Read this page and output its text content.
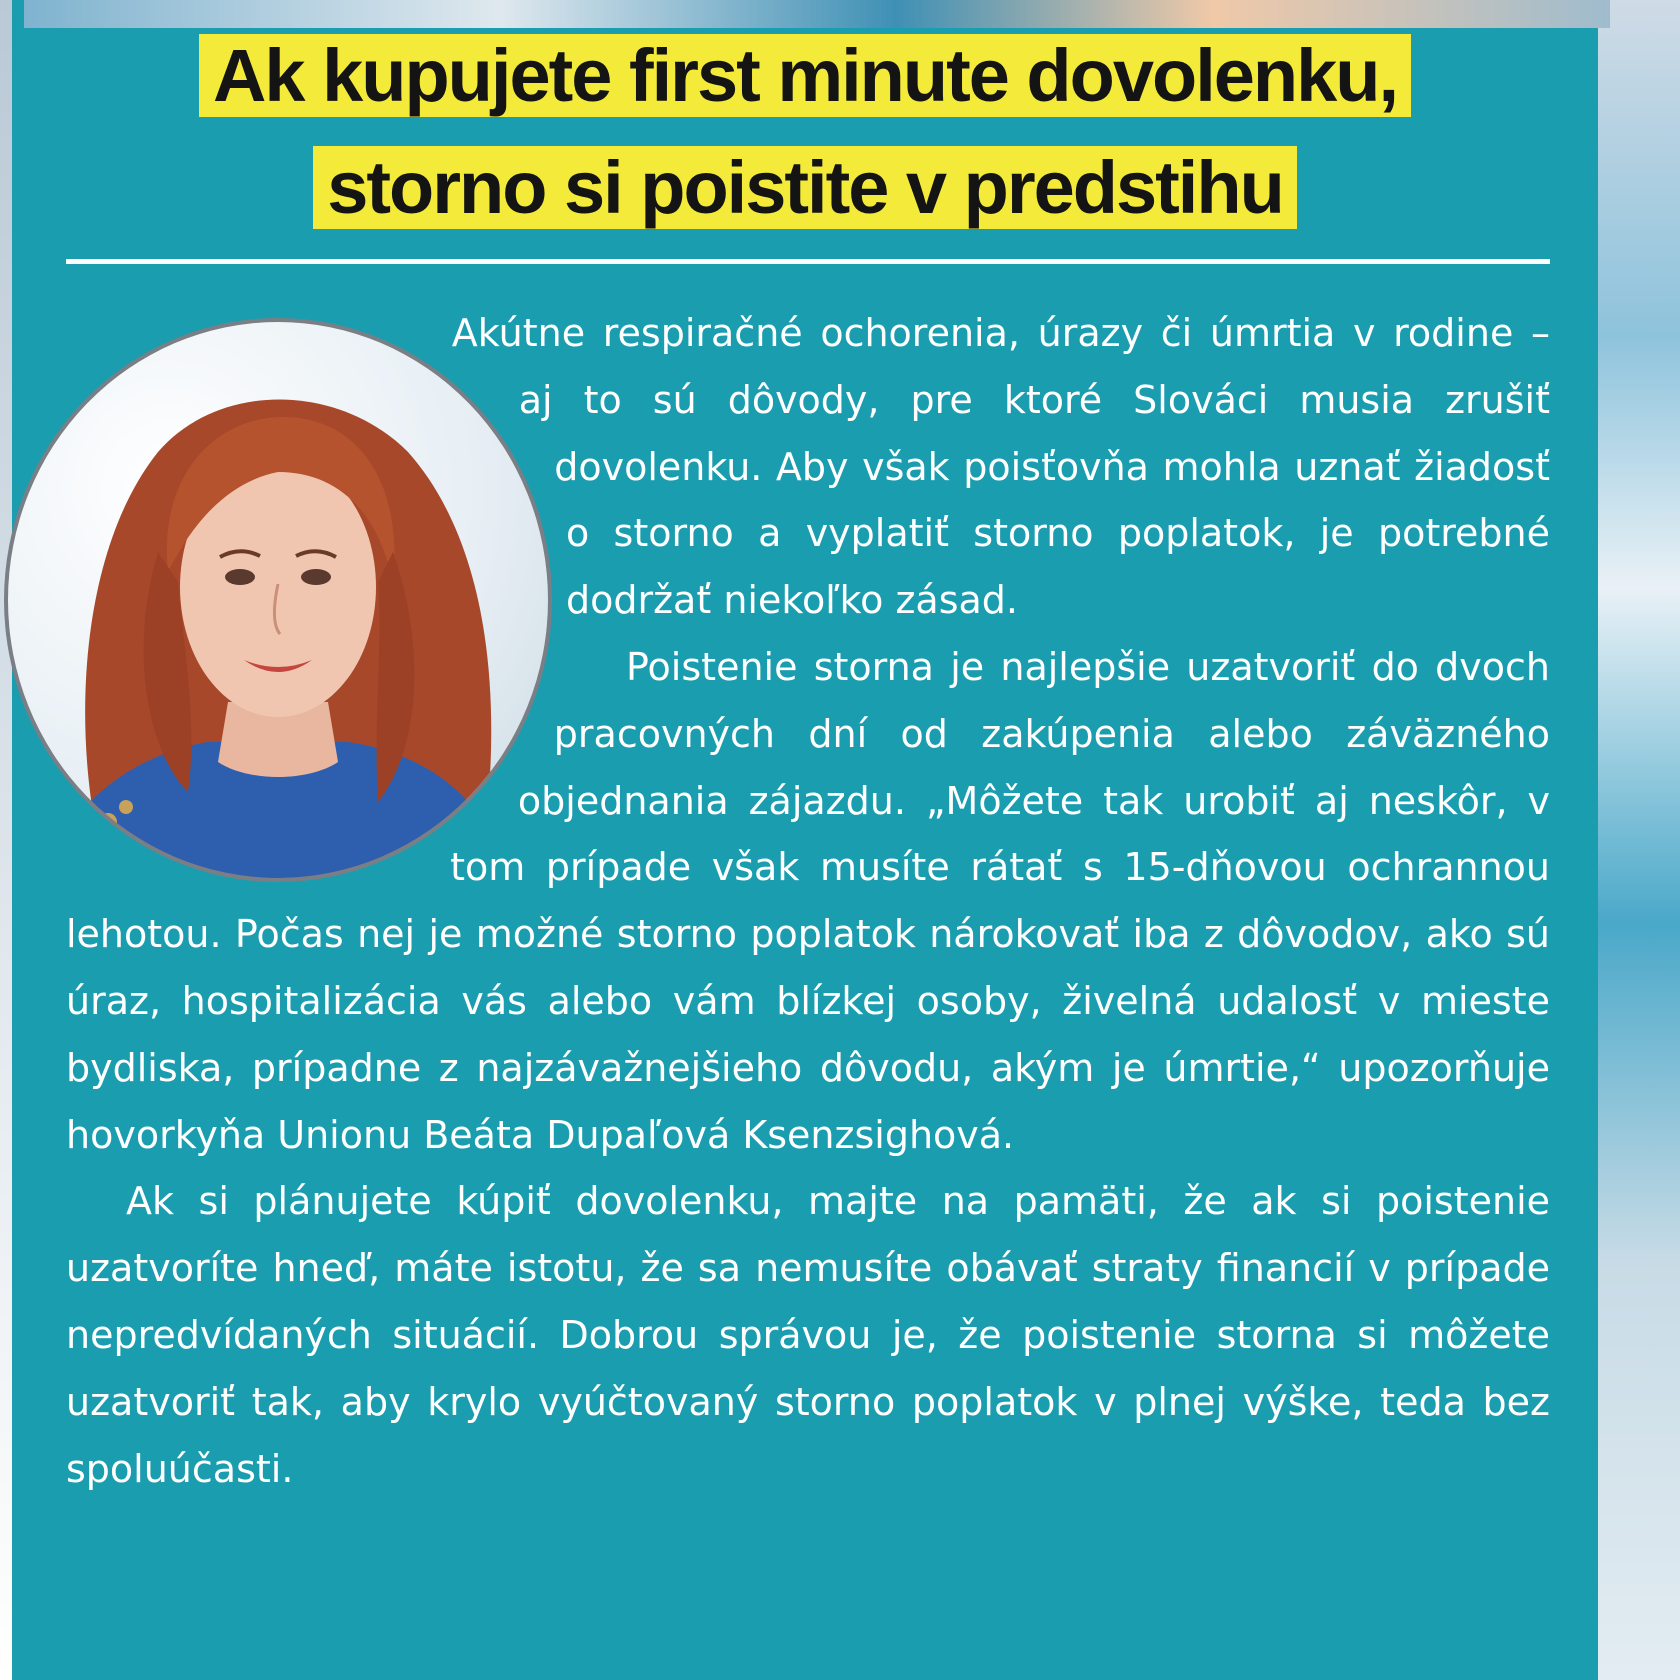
Ak kupujete first minute dovolenku,
storno si poistite v predstihu

Akútne respiračné ochorenia, úrazy či úmrtia v rodine – aj to sú dôvody, pre ktoré Slováci musia zrušiť dovolenku. Aby však poisťovňa mohla uznať žiadosť o storno a vyplatiť storno poplatok, je potrebné dodržať niekoľko zásad.

Poistenie storna je najlepšie uzatvoriť do dvoch pracovných dní od zakúpenia alebo záväzného objednania zájazdu. „Môžete tak urobiť aj neskôr, v tom prípade však musíte rátať s 15-dňovou ochrannou lehotou. Počas nej je možné storno poplatok nárokovať iba z dôvodov, ako sú úraz, hospitalizácia vás alebo vám blízkej osoby, živelná udalosť v mieste bydliska, prípadne z najzávažnejšieho dôvodu, akým je úmrtie,“ upozorňuje hovorkyňa Unionu Beáta Dupaľová Ksenzsighová.

Ak si plánujete kúpiť dovolenku, majte na pamäti, že ak si poistenie uzatvoríte hneď, máte istotu, že sa nemusíte obávať straty financií v prípade nepredvídaných situácií. Dobrou správou je, že poistenie storna si môžete uzatvoriť tak, aby krylo vyúčtovaný storno poplatok v plnej výške, teda bez spoluúčasti.
